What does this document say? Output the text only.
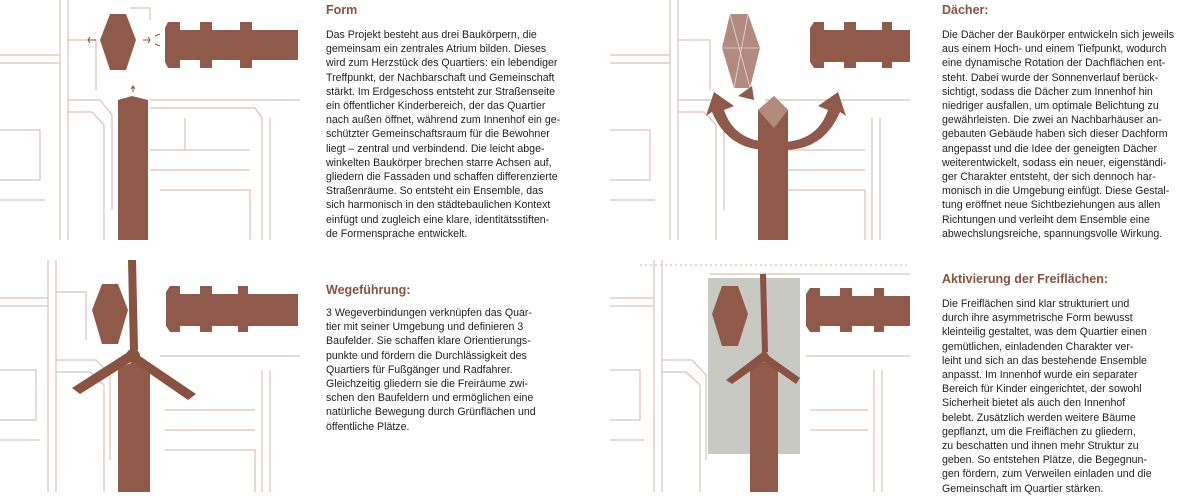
Form
Das Projekt besteht aus drei Baukörpern, die
gemeinsam ein zentrales Atrium bilden. Dieses
wird zum Herzstück des Quartiers: ein lebendiger
Treffpunkt, der Nachbarschaft und Gemeinschaft
stärkt. Im Erdgeschoss entsteht zur Straßenseite
ein öffentlicher Kinderbereich, der das Quartier
nach außen öffnet, während zum Innenhof ein ge-
schützter Gemeinschaftsraum für die Bewohner
liegt – zentral und verbindend. Die leicht abge-
winkelten Baukörper brechen starre Achsen auf,
gliedern die Fassaden und schaffen differenzierte
Straßenräume. So entsteht ein Ensemble, das
sich harmonisch in den städtebaulichen Kontext
einfügt und zugleich eine klare, identitätsstiften-
de Formensprache entwickelt.
Dächer:
Die Dächer der Baukörper entwickeln sich jeweils
aus einem Hoch- und einem Tiefpunkt, wodurch
eine dynamische Rotation der Dachflächen ent-
steht. Dabei wurde der Sonnenverlauf berück-
sichtigt, sodass die Dächer zum Innenhof hin
niedriger ausfallen, um optimale Belichtung zu
gewährleisten. Die zwei an Nachbarhäuser an-
gebauten Gebäude haben sich dieser Dachform
angepasst und die Idee der geneigten Dächer
weiterentwickelt, sodass ein neuer, eigenständi-
ger Charakter entsteht, der sich dennoch har-
monisch in die Umgebung einfügt. Diese Gestal-
tung eröffnet neue Sichtbeziehungen aus allen
Richtungen und verleiht dem Ensemble eine
abwechslungsreiche, spannungsvolle Wirkung.
Wegeführung:
3 Wegeverbindungen verknüpfen das Quar-
tier mit seiner Umgebung und definieren 3
Baufelder. Sie schaffen klare Orientierungs-
punkte und fördern die Durchlässigkeit des
Quartiers für Fußgänger und Radfahrer.
Gleichzeitig gliedern sie die Freiräume zwi-
schen den Baufeldern und ermöglichen eine
natürliche Bewegung durch Grünflächen und
öffentliche Plätze.
Aktivierung der Freiflächen:
Die Freiflächen sind klar strukturiert und
durch ihre asymmetrische Form bewusst
kleinteilig gestaltet, was dem Quartier einen
gemütlichen, einladenden Charakter ver-
leiht und sich an das bestehende Ensemble
anpasst. Im Innenhof wurde ein separater
Bereich für Kinder eingerichtet, der sowohl
Sicherheit bietet als auch den Innenhof
belebt. Zusätzlich werden weitere Bäume
gepflanzt, um die Freiflächen zu gliedern,
zu beschatten und ihnen mehr Struktur zu
geben. So entstehen Plätze, die Begegnun-
gen fördern, zum Verweilen einladen und die
Gemeinschaft im Quartier stärken.
